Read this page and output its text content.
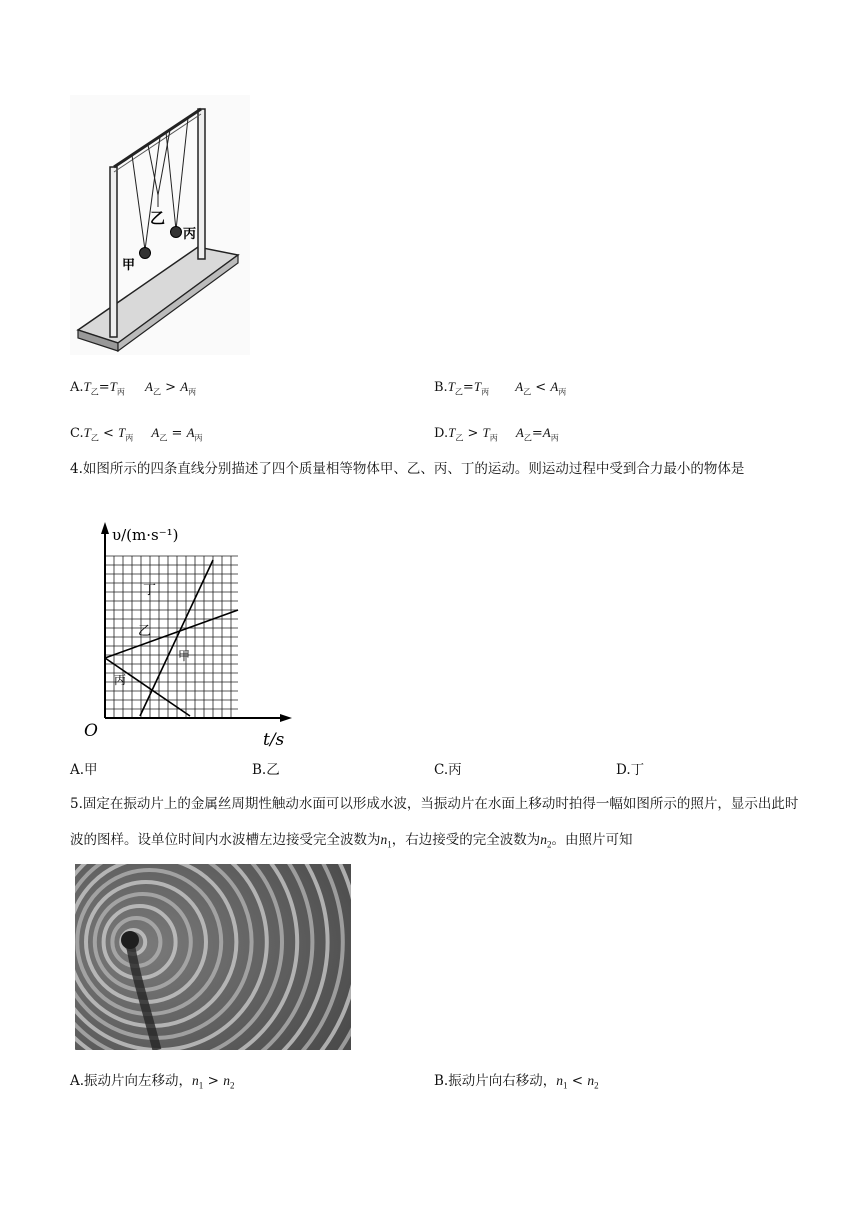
甲
乙
丙
$A.T_乙=T_丙$ $A_乙 > A_丙$	$B.T_乙=T_丙$ $A_乙 < A_丙$
$C.T_乙 < T_丙$ $A_乙 = A_丙$	$D.T_乙 > T_丙$ $A_乙=A_丙$
4.如图所示的四条直线分别描述了四个质量相等物体甲、乙、丙、丁的运动。则运动过程中受到合力最小的物体是
υ/(m·s⁻¹)
丁
乙
甲
丙
O	t/s
A.甲	B.乙	C.丙	D.丁
5.固定在振动片上的金属丝周期性触动水面可以形成水波，当振动片在水面上移动时拍得一幅如图所示的照片，显示出此时波的图样。设单位时间内水波槽左边接受完全波数为$n_1$，右边接受的完全波数为$n_2$。由照片可知
A.振动片向左移动，$n_1 > n_2$	B.振动片向右移动，$n_1 < n_2$
